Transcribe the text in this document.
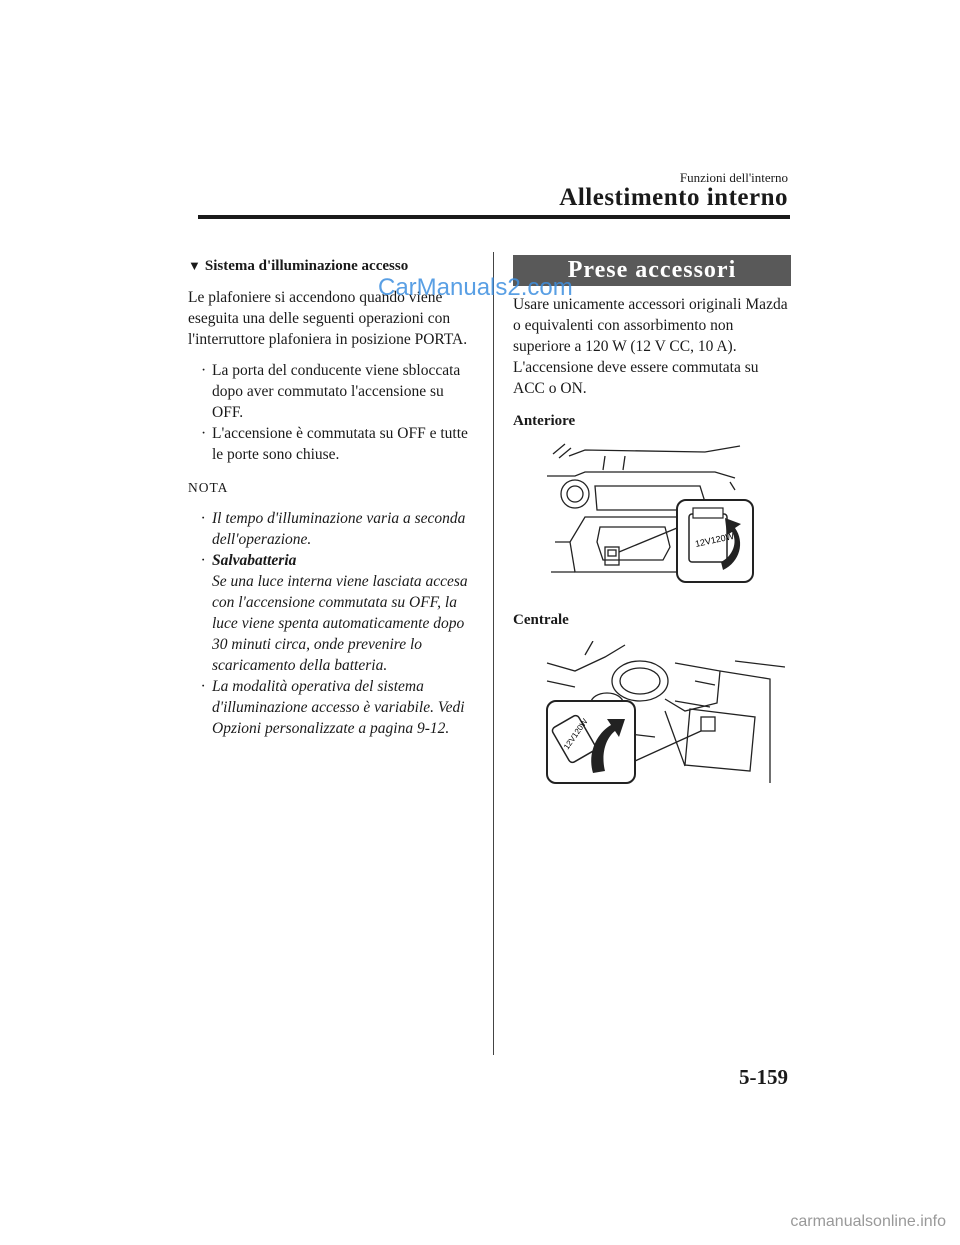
Funzioni dell'interno
Allestimento interno
▼ Sistema d'illuminazione accesso

Le plafoniere si accendono quando viene eseguita una delle seguenti operazioni con l'interruttore plafoniera in posizione PORTA.

· La porta del conducente viene sbloccata dopo aver commutato l'accensione su OFF.
· L'accensione è commutata su OFF e tutte le porte sono chiuse.
NOTA
· Il tempo d'illuminazione varia a seconda dell'operazione.
· Salvabatteria
Se una luce interna viene lasciata accesa con l'accensione commutata su OFF, la luce viene spenta automaticamente dopo 30 minuti circa, onde prevenire lo scaricamento della batteria.
· La modalità operativa del sistema d'illuminazione accesso è variabile. Vedi Opzioni personalizzate a pagina 9-12.
Prese accessori

Usare unicamente accessori originali Mazda o equivalenti con assorbimento non superiore a 120 W (12 V CC, 10 A).

L'accensione deve essere commutata su ACC o ON.

Anteriore
12V120W
Centrale
12V120W
CarManuals2.com
5-159
carmanualsonline.info
